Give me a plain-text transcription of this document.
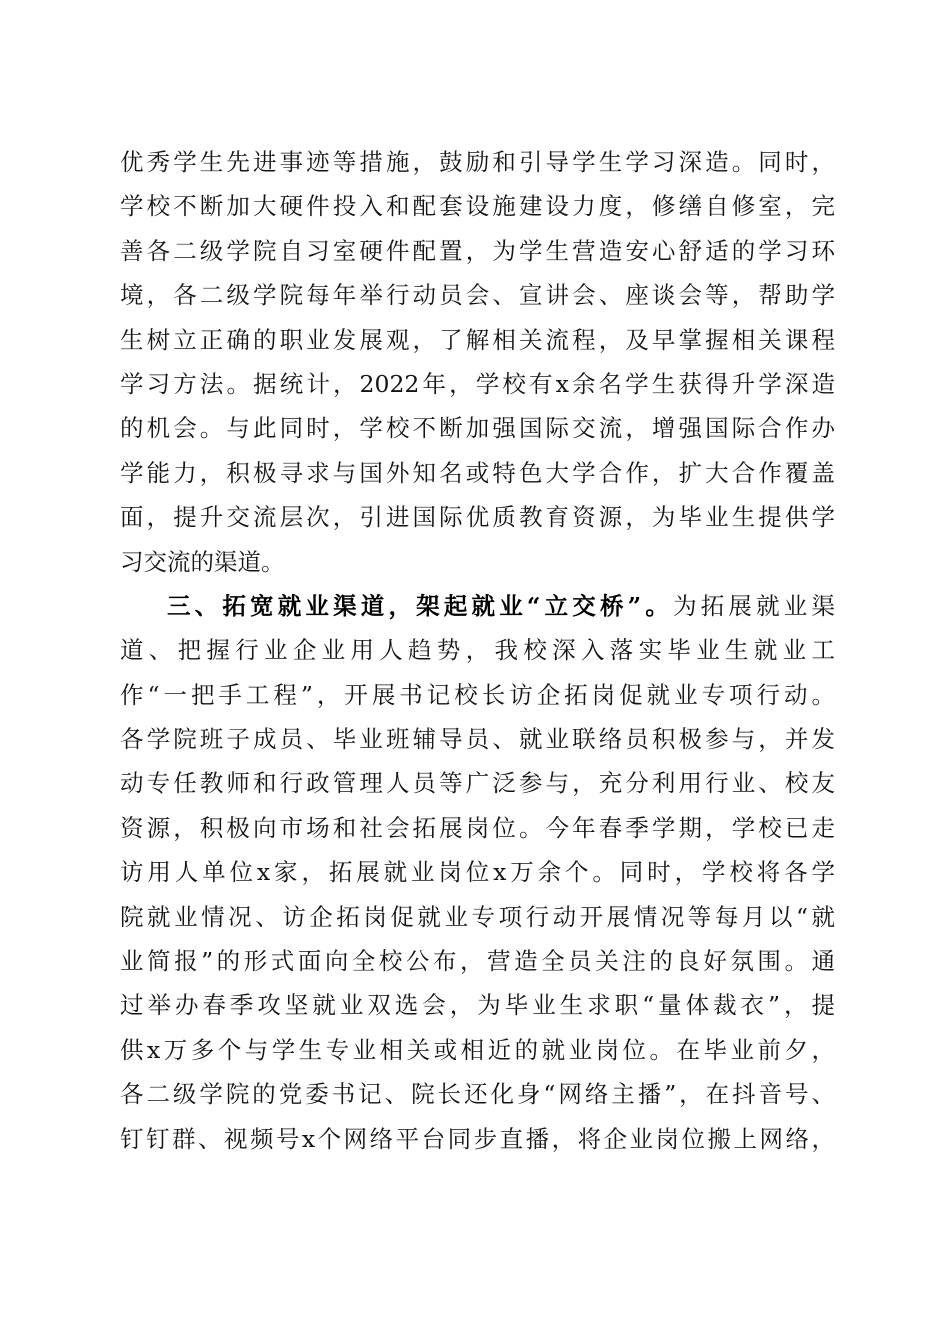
优秀学生先进事迹等措施，鼓励和引导学生学习深造。同时，
学校不断加大硬件投入和配套设施建设力度，修缮自修室，完
善各二级学院自习室硬件配置，为学生营造安心舒适的学习环
境，各二级学院每年举行动员会、宣讲会、座谈会等，帮助学
生树立正确的职业发展观，了解相关流程，及早掌握相关课程
学习方法。据统计，2022年，学校有x余名学生获得升学深造
的机会。与此同时，学校不断加强国际交流，增强国际合作办
学能力，积极寻求与国外知名或特色大学合作，扩大合作覆盖
面，提升交流层次，引进国际优质教育资源，为毕业生提供学
习交流的渠道。
三、拓宽就业渠道，架起就业“立交桥”。为拓展就业渠
道、把握行业企业用人趋势，我校深入落实毕业生就业工
作“一把手工程”，开展书记校长访企拓岗促就业专项行动。
各学院班子成员、毕业班辅导员、就业联络员积极参与，并发
动专任教师和行政管理人员等广泛参与，充分利用行业、校友
资源，积极向市场和社会拓展岗位。今年春季学期，学校已走
访用人单位x家，拓展就业岗位x万余个。同时，学校将各学
院就业情况、访企拓岗促就业专项行动开展情况等每月以“就
业简报”的形式面向全校公布，营造全员关注的良好氛围。通
过举办春季攻坚就业双选会，为毕业生求职“量体裁衣”，提
供x万多个与学生专业相关或相近的就业岗位。在毕业前夕，
各二级学院的党委书记、院长还化身“网络主播”，在抖音号、
钉钉群、视频号x个网络平台同步直播，将企业岗位搬上网络，
